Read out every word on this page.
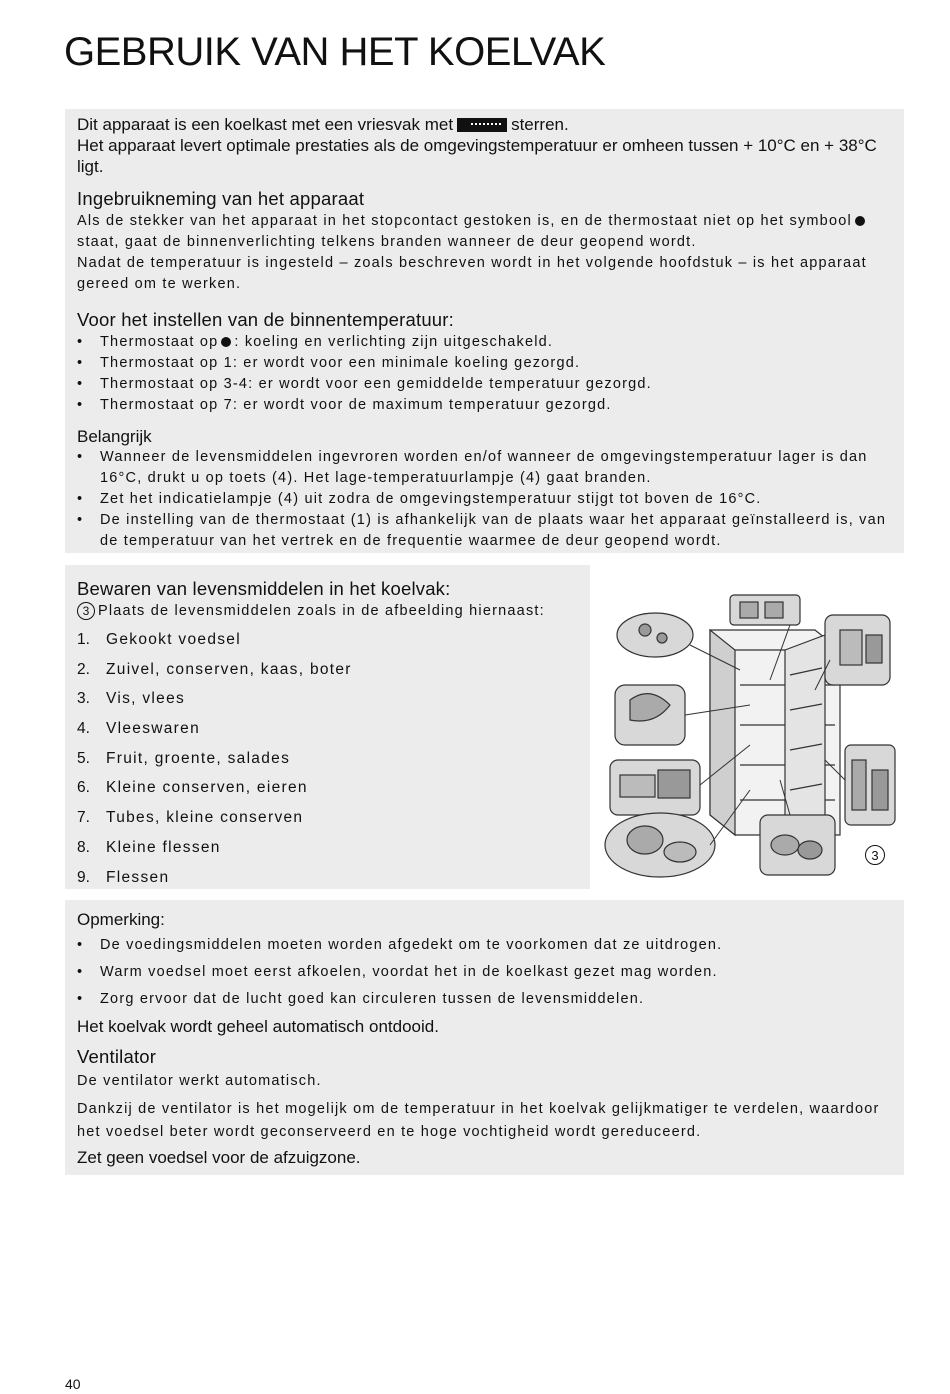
GEBRUIK VAN HET KOELVAK

Dit apparaat is een koelkast met een vriesvak met	sterren.

Het apparaat levert optimale prestaties als de omgevingstemperatuur er omheen tussen + 10°C en + 38°C ligt.

Ingebruikneming van het apparaat

Als de stekker van het apparaat in het stopcontact gestoken is, en de thermostaat niet op het symboolstaat, gaat de binnenverlichting telkens branden wanneer de deur geopend wordt.

Nadat de temperatuur is ingesteld – zoals beschreven wordt in het volgende hoofdstuk – is het apparaat gereed om te werken.

Voor het instellen van de binnentemperatuur:

• Thermostaat op : koeling en verlichting zijn uitgeschakeld.

• Thermostaat op 1: er wordt voor een minimale koeling gezorgd.

• Thermostaat op 3-4: er wordt voor een gemiddelde temperatuur gezorgd.

• Thermostaat op 7: er wordt voor de maximum temperatuur gezorgd.

Belangrijk

• Wanneer de levensmiddelen ingevroren worden en/of wanneer de omgevingstemperatuur lager is dan 16°C, drukt u op toets (4). Het lage-temperatuurlampje (4) gaat branden.

• Zet het indicatielampje (4) uit zodra de omgevingstemperatuur stijgt tot boven de 16°C.

• De instelling van de thermostaat (1) is afhankelijk van de plaats waar het apparaat geïnstalleerd is, van de temperatuur van het vertrek en de frequentie waarmee de deur geopend wordt.

Bewaren van levensmiddelen in het koelvak:

3 Plaats de levensmiddelen zoals in de afbeelding hiernaast:

1. Gekookt voedsel
2. Zuivel, conserven, kaas, boter
3. Vis, vlees
4. Vleeswaren
5. Fruit, groente, salades
6. Kleine conserven, eieren
7. Tubes, kleine conserven
8. Kleine flessen
9. Flessen
3

Opmerking:

• De voedingsmiddelen moeten worden afgedekt om te voorkomen dat ze uitdrogen.

• Warm voedsel moet eerst afkoelen, voordat het in de koelkast gezet mag worden.

• Zorg ervoor dat de lucht goed kan circuleren tussen de levensmiddelen.

Het koelvak wordt geheel automatisch ontdooid.

Ventilator

De ventilator werkt automatisch.

Dankzij de ventilator is het mogelijk om de temperatuur in het koelvak gelijkmatiger te verdelen, waardoor het voedsel beter wordt geconserveerd en te hoge vochtigheid wordt gereduceerd.

Zet geen voedsel voor de afzuigzone.

40
